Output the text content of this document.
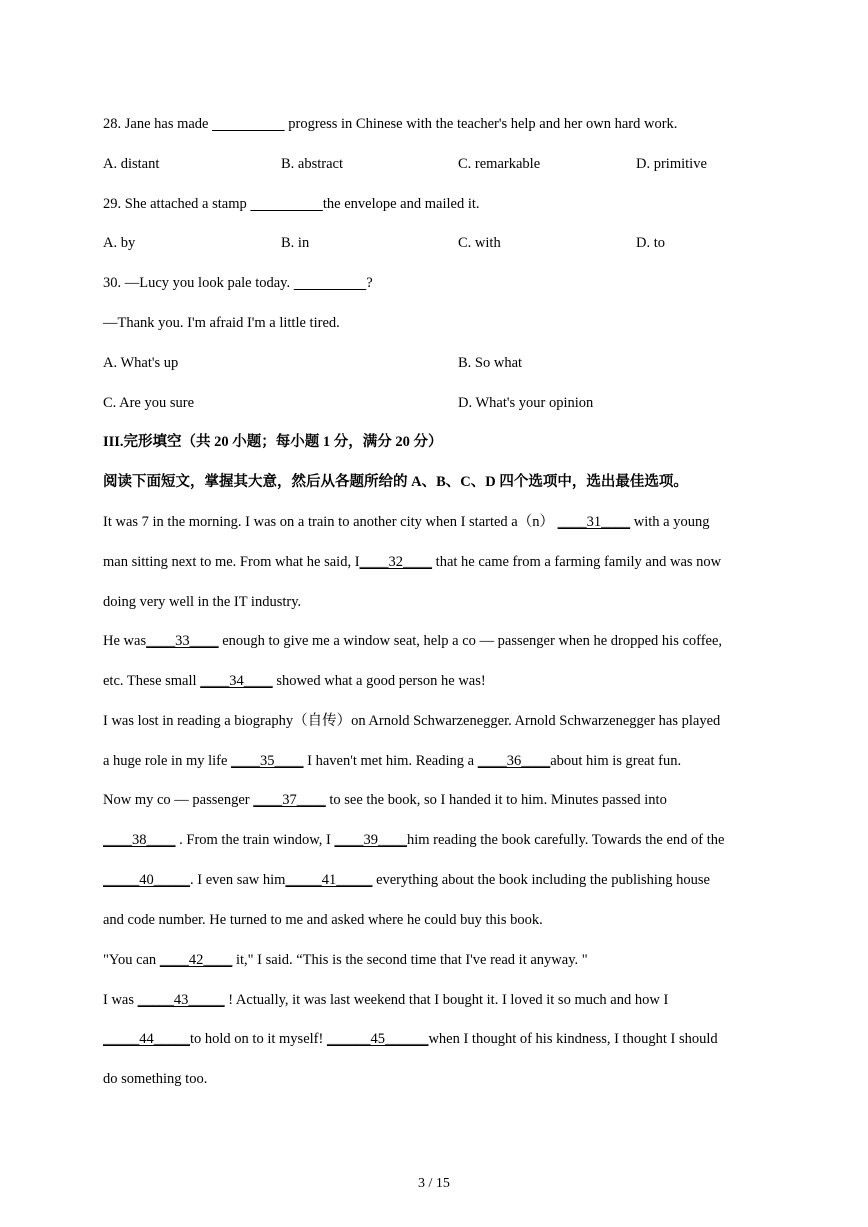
28. Jane has made	progress in Chinese with the teacher's help and her own hard work.
A. distant	B. abstract	C. remarkable	D. primitive
29. She attached a stamp	the envelope and mailed it.
A. by	B. in	C. with	D. to
30. —Lucy you look pale today.	?
—Thank you. I'm afraid I'm a little tired.
A. What's up	B. So what
C. Are you sure	D. What's your opinion
III.完形填空（共 20 小题；每小题 1 分，满分 20 分）
阅读下面短文，掌握其大意，然后从各题所给的 A、B、C、D 四个选项中，选出最佳选项。
It was 7 in the morning. I was on a train to another city when I started a（n） ____31____ with a young
man sitting next to me. From what he said, I____32____ that he came from a farming family and was now
doing very well in the IT industry.
He was____33____ enough to give me a window seat, help a co — passenger when he dropped his coffee,
etc. These small ____34____ showed what a good person he was!
I was lost in reading a biography（自传）on Arnold Schwarzenegger. Arnold Schwarzenegger has played
a huge role in my life ____35____ I haven't met him. Reading a ____36____about him is great fun.
Now my co — passenger ____37____ to see the book, so I handed it to him. Minutes passed into
____38____ . From the train window, I ____39____him reading the book carefully. Towards the end of the
_____40_____. I even saw him_____41_____ everything about the book including the publishing house
and code number. He turned to me and asked where he could buy this book.
"You can ____42____ it," I said. “This is the second time that I've read it anyway. "
I was _____43_____ ! Actually, it was last weekend that I bought it. I loved it so much and how I
_____44_____to hold on to it myself! ______45______when I thought of his kindness, I thought I should
do something too.
3 / 15
